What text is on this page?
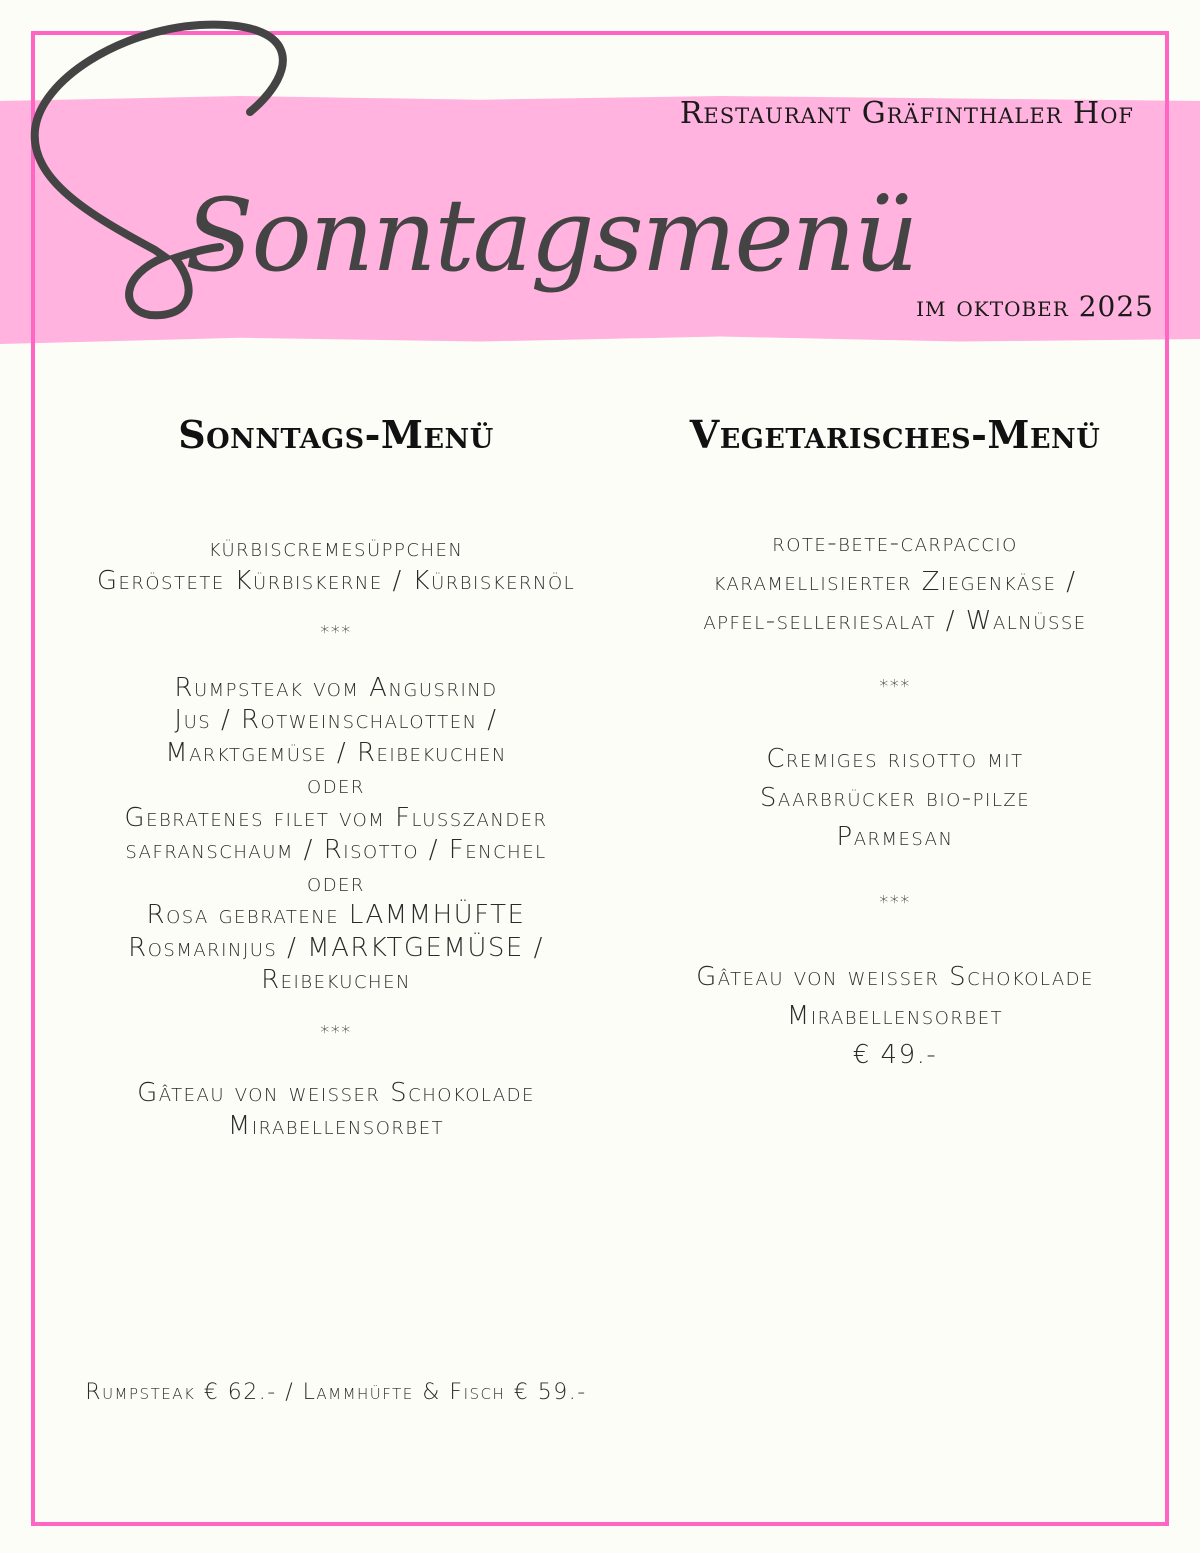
Sonntagsmenü
Restaurant Gräfinthaler Hof
im oktober 2025
Sonntags-Menü
kürbiscremesüppchen
Geröstete Kürbiskerne / Kürbiskernöl
***
Rumpsteak vom Angusrind
Jus / Rotweinschalotten /
Marktgemüse / Reibekuchen
oder
Gebratenes filet vom Flusszander
safranschaum / Risotto / Fenchel
oder
Rosa gebratene LAMMHÜFTE
Rosmarinjus / MARKTGEMÜSE /
Reibekuchen
***
Gâteau von weisser Schokolade
Mirabellensorbet
Rumpsteak € 62.- / Lammhüfte & Fisch € 59.-
Vegetarisches-Menü
rote-bete-carpaccio
karamellisierter Ziegenkäse /
apfel-selleriesalat / Walnüsse
***
Cremiges risotto mit
Saarbrücker bio-pilze
Parmesan
***
Gâteau von weisser Schokolade
Mirabellensorbet
€ 49.-
